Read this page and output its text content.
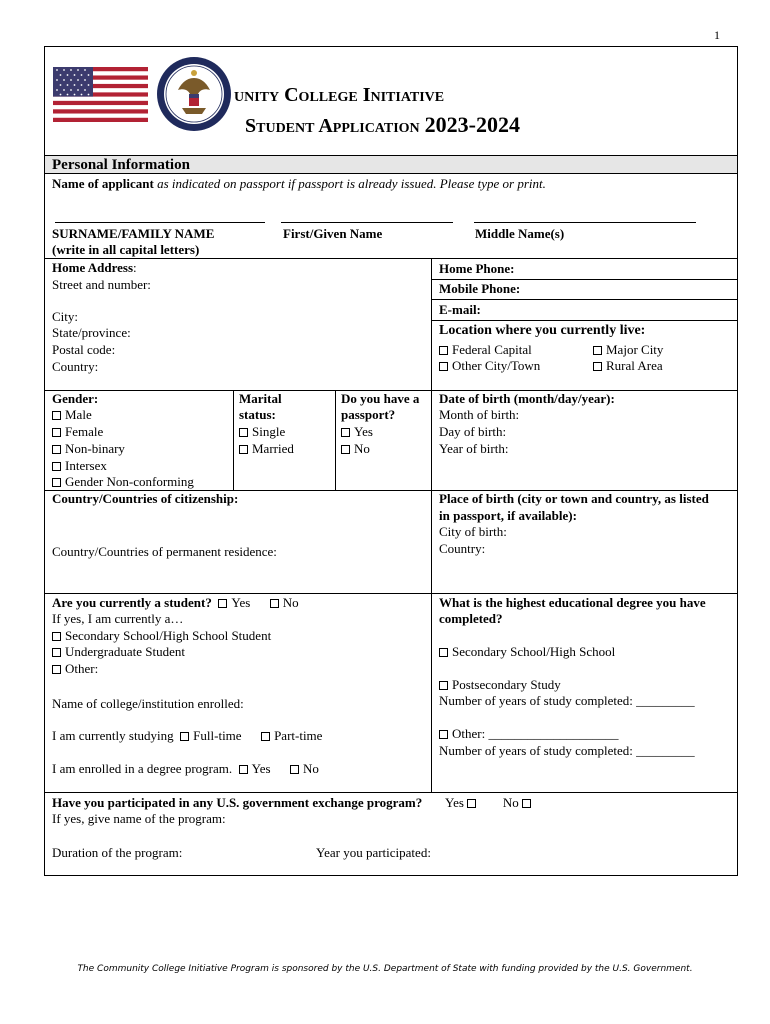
1
unity College Initiative
Student Application 2023-2024
Personal Information
Name of applicant as indicated on passport if passport is already issued. Please type or print.
SURNAME/FAMILY NAME
(write in all capital letters)
First/Given Name	Middle Name(s)
Home Address:
Street and number:
City:
State/province:
Postal code:
Country:
Home Phone:
Mobile Phone:
E-mail:
Location where you currently live:
Federal Capital	Major City
Other City/Town	Rural Area
Gender:
Male
Female
Non-binary
Intersex
Gender Non-conforming
Marital
status:
Single
Married
Do you have a
passport?
Yes
No
Date of birth (month/day/year):
Month of birth:
Day of birth:
Year of birth:
Country/Countries of citizenship:
Country/Countries of permanent residence:
Place of birth (city or town and country, as listed
in passport, if available):
City of birth:
Country:
Are you currently a student? Yes	No
If yes, I am currently a…
Secondary School/High School Student
Undergraduate Student
Other:
Name of college/institution enrolled:
I am currently studying Full-time	Part-time
I am enrolled in a degree program. Yes	No
What is the highest educational degree you have
completed?
Secondary School/High School
Postsecondary Study
Number of years of study completed: _________
Other: ____________________
Number of years of study completed: _________
Have you participated in any U.S. government exchange program? Yes	No
If yes, give name of the program:
Duration of the program:	Year you participated:
The Community College Initiative Program is sponsored by the U.S. Department of State with funding provided by the U.S. Government.
